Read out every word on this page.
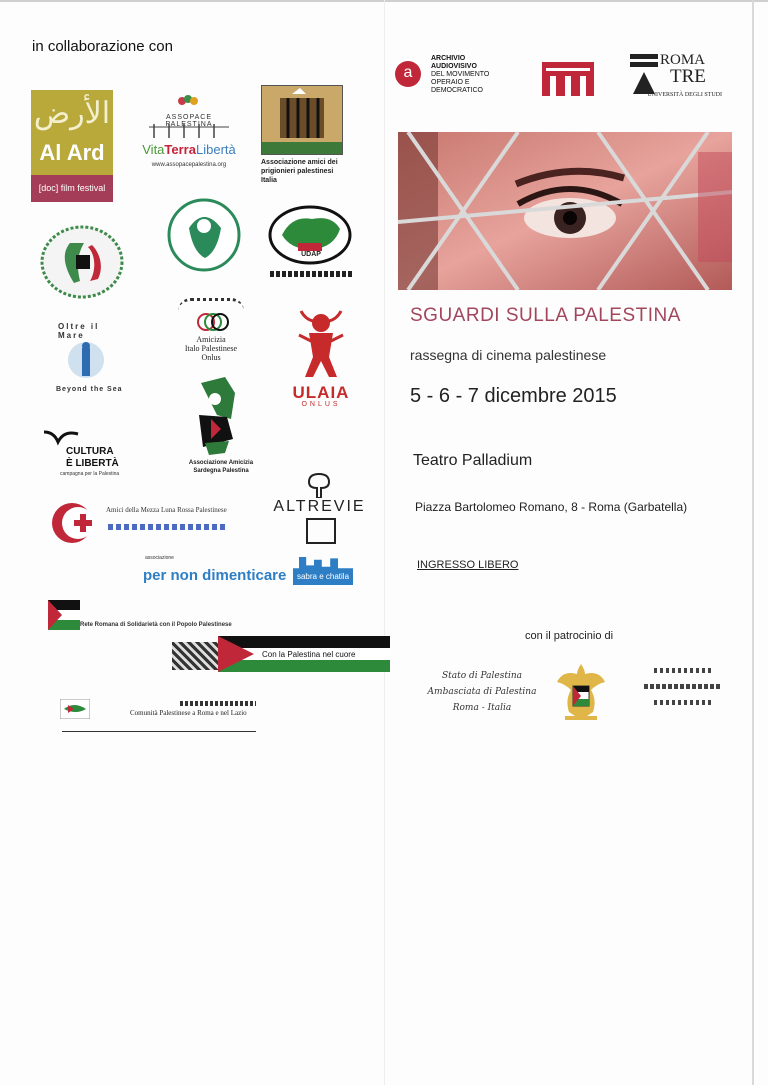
in collaborazione con
الأرض
Al Ard
[doc] film festival
ASSOPACE PALESTINA
VitaTerraLibertà
www.assopacepalestina.org	Associazione amici dei prigionieri palestinesi Italia
UDAP
Oltre il Mare
Beyond the Sea
Amicizia
Italo Palestinese
Onlus
ULAIA
ONLUS
CULTURA
È LIBERTÀ
campagna per la Palestina
Associazione Amicizia Sardegna Palestina
Amici della Mezza Luna Rossa Palestinese	ALTREVIE
associazione
per non dimenticare	sabra e chatila
Rete Romana di Solidarietà con il Popolo Palestinese
Con la Palestina nel cuore
Comunità Palestinese a Roma e nel Lazio
a
ARCHIVIO
AUDIOVISIVO
DEL MOVIMENTO
OPERAIO E
DEMOCRATICO
ROMA
TRE
UNIVERSITÀ DEGLI STUDI
SGUARDI SULLA PALESTINA
rassegna di cinema palestinese
5 - 6 - 7 dicembre 2015
Teatro Palladium
Piazza Bartolomeo Romano, 8 - Roma (Garbatella)
INGRESSO LIBERO
con il patrocinio di
Stato di Palestina
Ambasciata di Palestina
Roma - Italia
